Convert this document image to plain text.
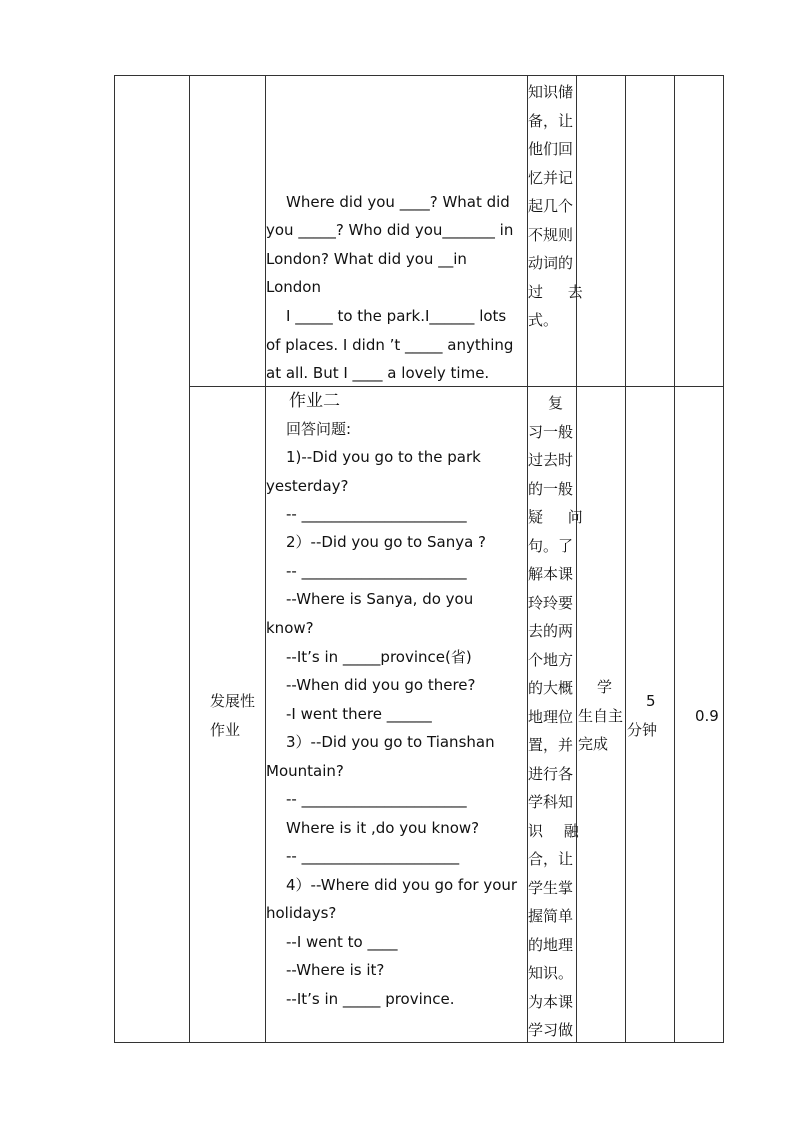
Where did you ____? What did
you _____? Who did you_______ in
London? What did you __in
London
I _____ to the park.I______ lots
of places. I didn ’t _____ anything
at all. But I ____ a lovely time.
知识储
备，让
他们回
忆并记
起几个
不规则
动词的
过 去
式。
发展性
作业
作业二
回答问题:
1)--Did you go to the park
yesterday?
-- ______________________
2）--Did you go to Sanya ?
-- ______________________
--Where is Sanya, do you
know?
--It’s in _____province(省)
--When did you go there?
-I went there ______
3）--Did you go to Tianshan
Mountain?
-- ______________________
Where is it ,do you know?
-- _____________________
4）--Where did you go for your
holidays?
--I went to ____
--Where is it?
--It’s in _____ province.
复
习一般
过去时
的一般
疑 问
句。了
解本课
玲玲要
去的两
个地方
的大概
地理位
置，并
进行各
学科知
识 融
合，让
学生掌
握简单
的地理
知识。
为本课
学习做
学
生自主
完成
5
分钟
0.9
